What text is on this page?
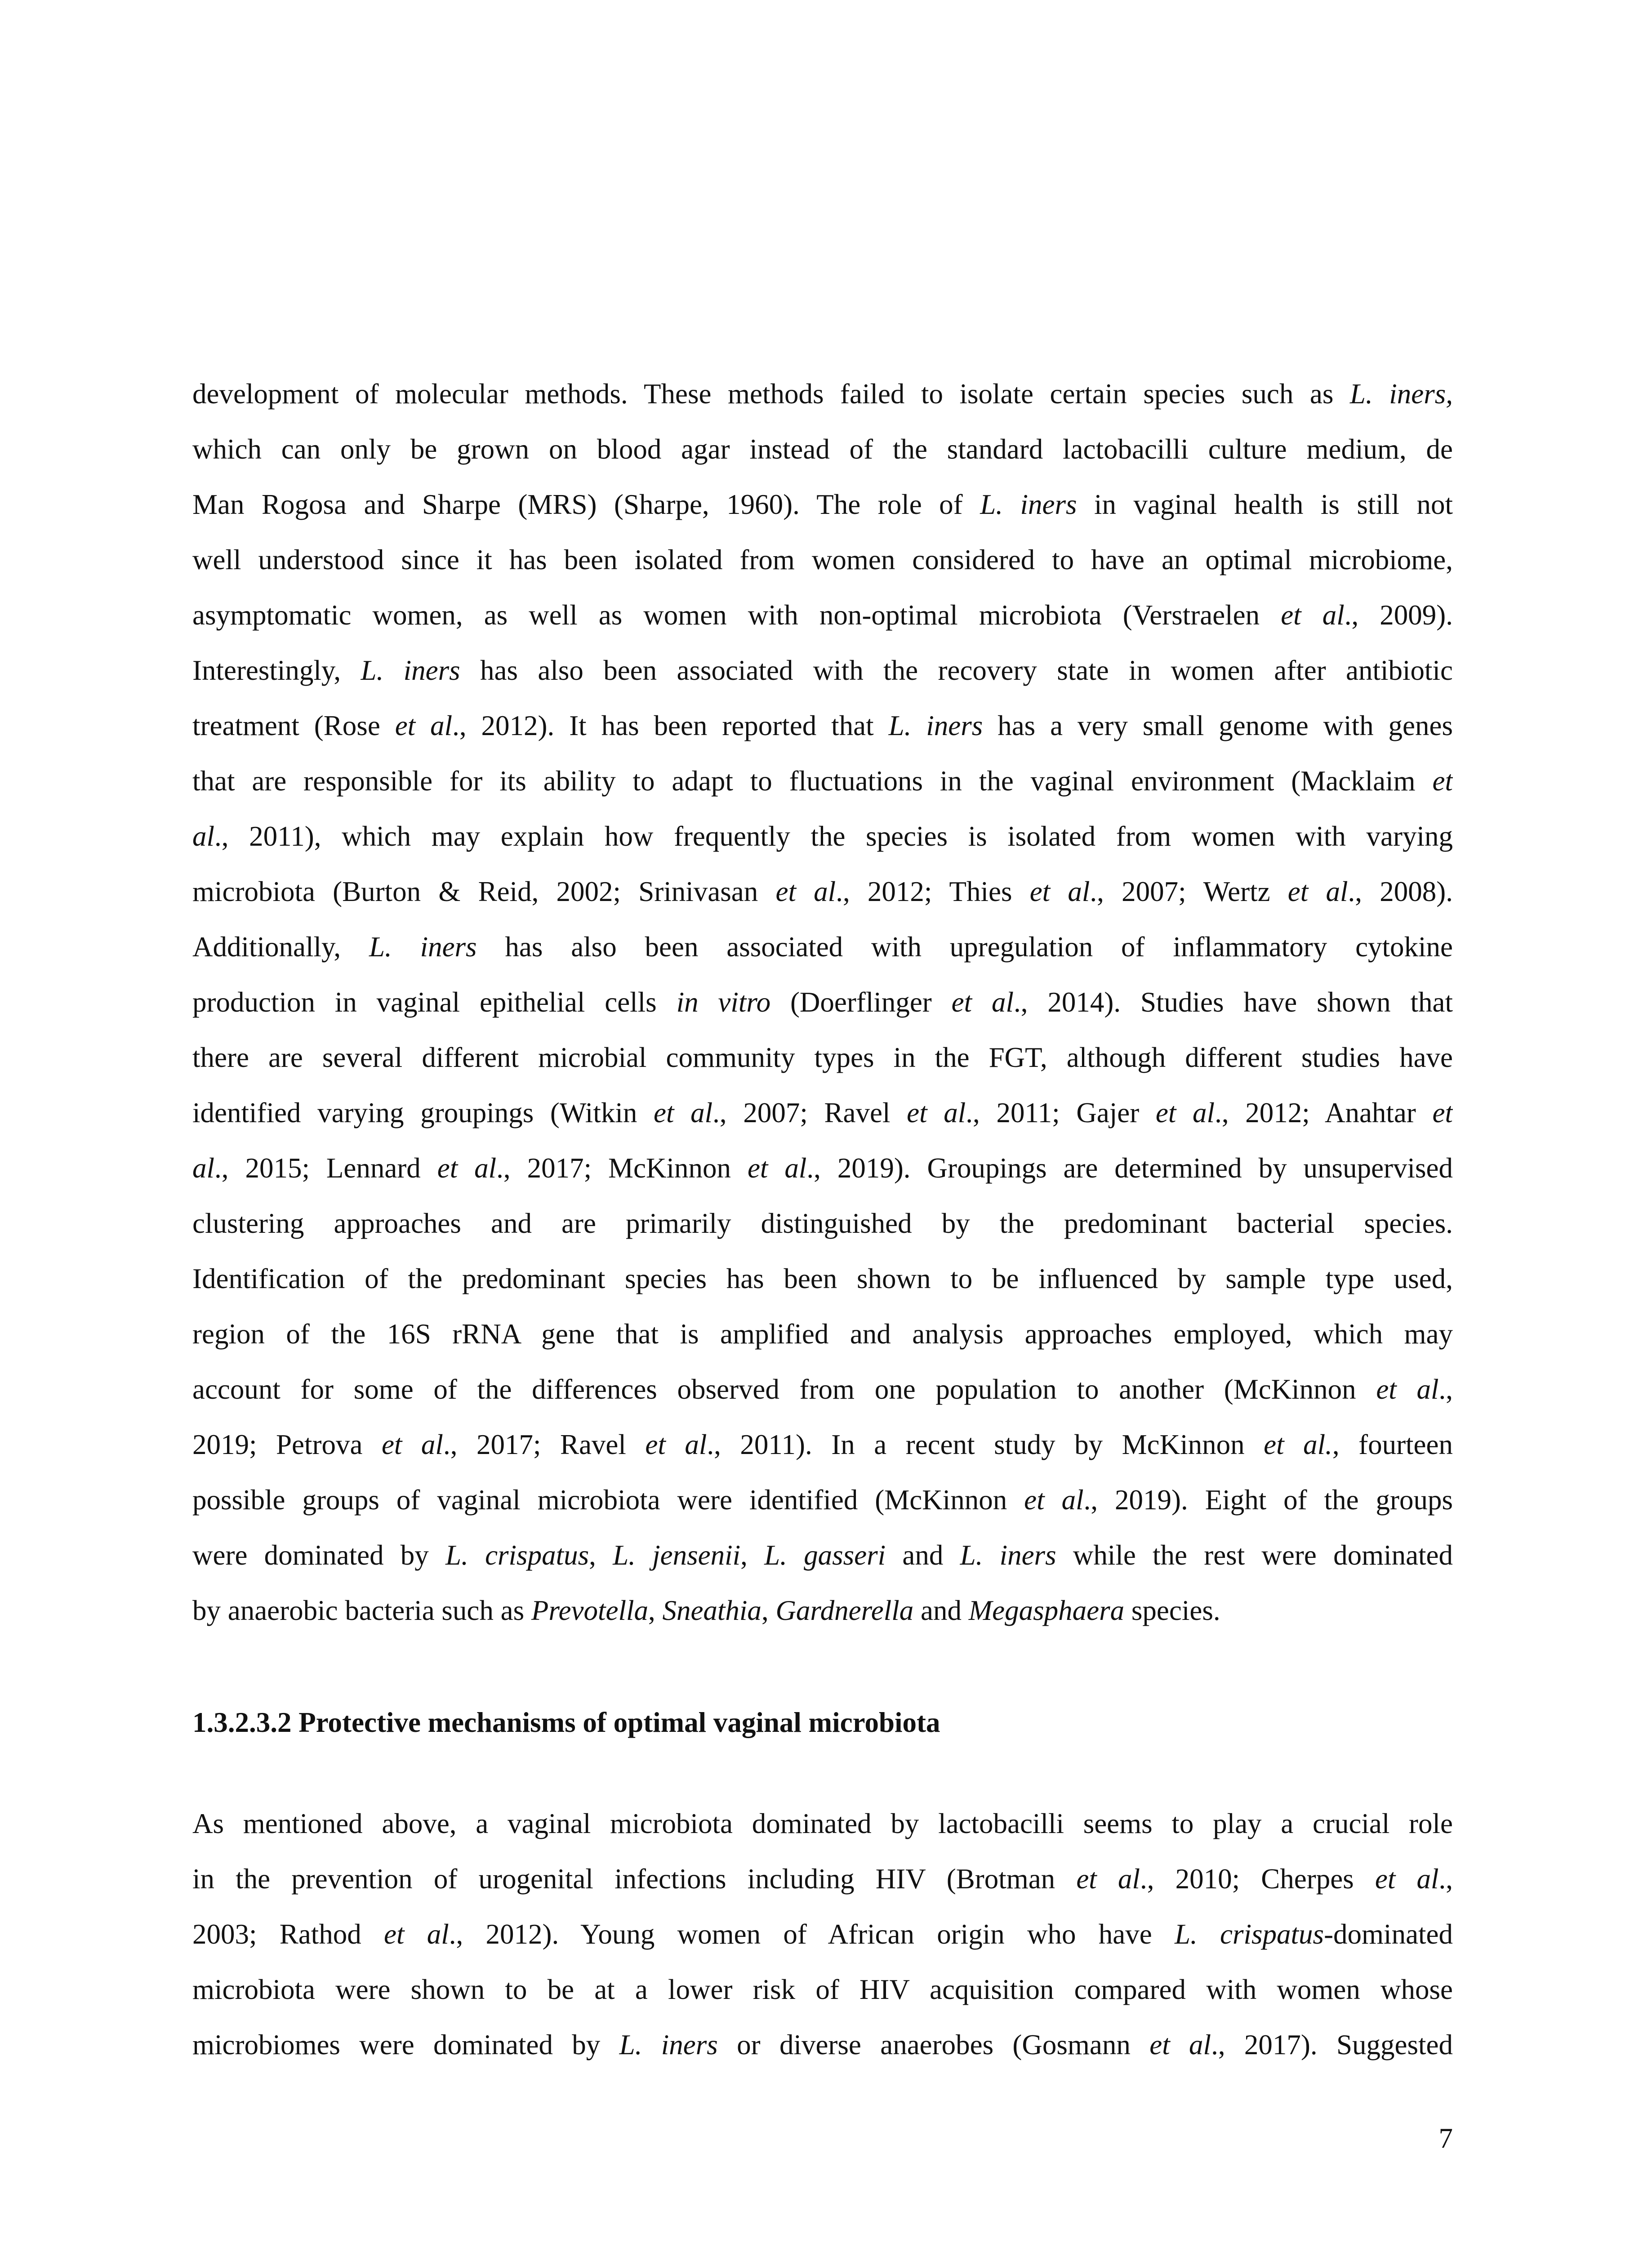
development of molecular methods. These methods failed to isolate certain species such as L. iners,
which can only be grown on blood agar instead of the standard lactobacilli culture medium, de
Man Rogosa and Sharpe (MRS) (Sharpe, 1960). The role of L. iners in vaginal health is still not
well understood since it has been isolated from women considered to have an optimal microbiome,
asymptomatic women, as well as women with non-optimal microbiota (Verstraelen et al., 2009).
Interestingly, L. iners has also been associated with the recovery state in women after antibiotic
treatment (Rose et al., 2012). It has been reported that L. iners has a very small genome with genes
that are responsible for its ability to adapt to fluctuations in the vaginal environment (Macklaim et
al., 2011), which may explain how frequently the species is isolated from women with varying
microbiota (Burton & Reid, 2002; Srinivasan et al., 2012; Thies et al., 2007; Wertz et al., 2008).
Additionally, L. iners has also been associated with upregulation of inflammatory cytokine
production in vaginal epithelial cells in vitro (Doerflinger et al., 2014). Studies have shown that
there are several different microbial community types in the FGT, although different studies have
identified varying groupings (Witkin et al., 2007; Ravel et al., 2011; Gajer et al., 2012; Anahtar et
al., 2015; Lennard et al., 2017; McKinnon et al., 2019). Groupings are determined by unsupervised
clustering approaches and are primarily distinguished by the predominant bacterial species.
Identification of the predominant species has been shown to be influenced by sample type used,
region of the 16S rRNA gene that is amplified and analysis approaches employed, which may
account for some of the differences observed from one population to another (McKinnon et al.,
2019; Petrova et al., 2017; Ravel et al., 2011). In a recent study by McKinnon et al., fourteen
possible groups of vaginal microbiota were identified (McKinnon et al., 2019). Eight of the groups
were dominated by L. crispatus, L. jensenii, L. gasseri and L. iners while the rest were dominated
by anaerobic bacteria such as Prevotella, Sneathia, Gardnerella and Megasphaera species.
1.3.2.3.2 Protective mechanisms of optimal vaginal microbiota
As mentioned above, a vaginal microbiota dominated by lactobacilli seems to play a crucial role
in the prevention of urogenital infections including HIV (Brotman et al., 2010; Cherpes et al.,
2003; Rathod et al., 2012). Young women of African origin who have L. crispatus-dominated
microbiota were shown to be at a lower risk of HIV acquisition compared with women whose
microbiomes were dominated by L. iners or diverse anaerobes (Gosmann et al., 2017). Suggested
7
